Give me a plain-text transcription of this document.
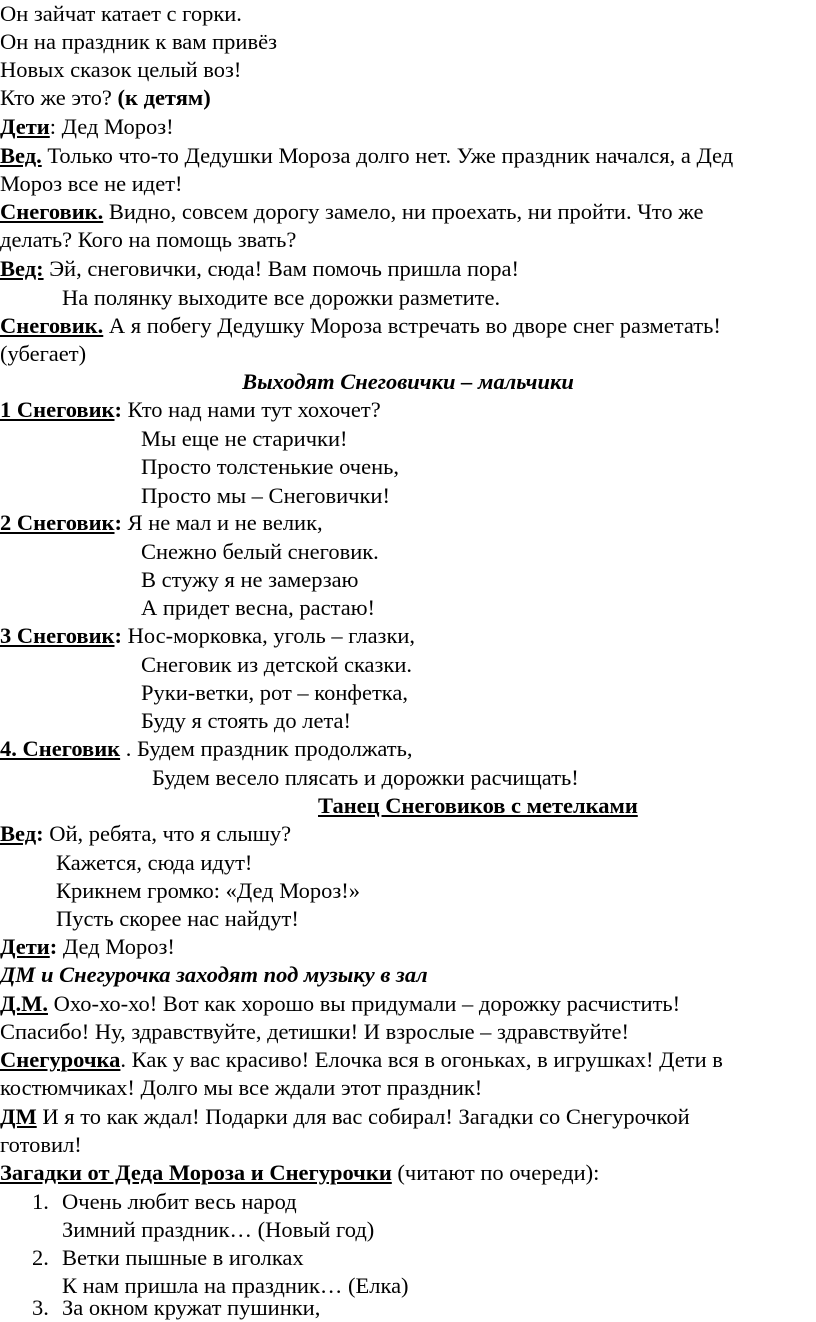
Он зайчат катает с горки.
Он на праздник к вам привёз
Новых сказок целый воз!
Кто же это? (к детям)
Дети: Дед Мороз!
Вед. Только что-то Дедушки Мороза долго нет. Уже праздник начался, а Дед
Мороз все не идет!
Снеговик. Видно, совсем дорогу замело, ни проехать, ни пройти. Что же
делать? Кого на помощь звать?
Вед: Эй, снеговички, сюда! Вам помочь пришла пора!
На полянку выходите все дорожки разметите.
Снеговик. А я побегу Дедушку Мороза встречать во дворе снег разметать!
(убегает)
Выходят Снеговички – мальчики
1 Снеговик: Кто над нами тут хохочет?
Мы еще не старички!
Просто толстенькие очень,
Просто мы – Снеговички!
2 Снеговик: Я не мал и не велик,
Снежно белый снеговик.
В стужу я не замерзаю
А придет весна, растаю!
3 Снеговик: Нос-морковка, уголь – глазки,
Снеговик из детской сказки.
Руки-ветки, рот – конфетка,
Буду я стоять до лета!
4. Снеговик . Будем праздник продолжать,
Будем весело плясать и дорожки расчищать!
Танец Снеговиков с метелками
Вед: Ой, ребята, что я слышу?
Кажется, сюда идут!
Крикнем громко: «Дед Мороз!»
Пусть скорее нас найдут!
Дети: Дед Мороз!
ДМ и Снегурочка заходят под музыку в зал
Д.М. Охо-хо-хо! Вот как хорошо вы придумали – дорожку расчистить!
Спасибо! Ну, здравствуйте, детишки! И взрослые – здравствуйте!
Снегурочка. Как у вас красиво! Елочка вся в огоньках, в игрушках! Дети в
костюмчиках! Долго мы все ждали этот праздник!
ДМ И я то как ждал! Подарки для вас собирал! Загадки со Снегурочкой
готовил!
Загадки от Деда Мороза и Снегурочки (читают по очереди):
1. Очень любит весь народ
Зимний праздник… (Новый год)
2. Ветки пышные в иголках
К нам пришла на праздник… (Елка)
3. За окном кружат пушинки,
